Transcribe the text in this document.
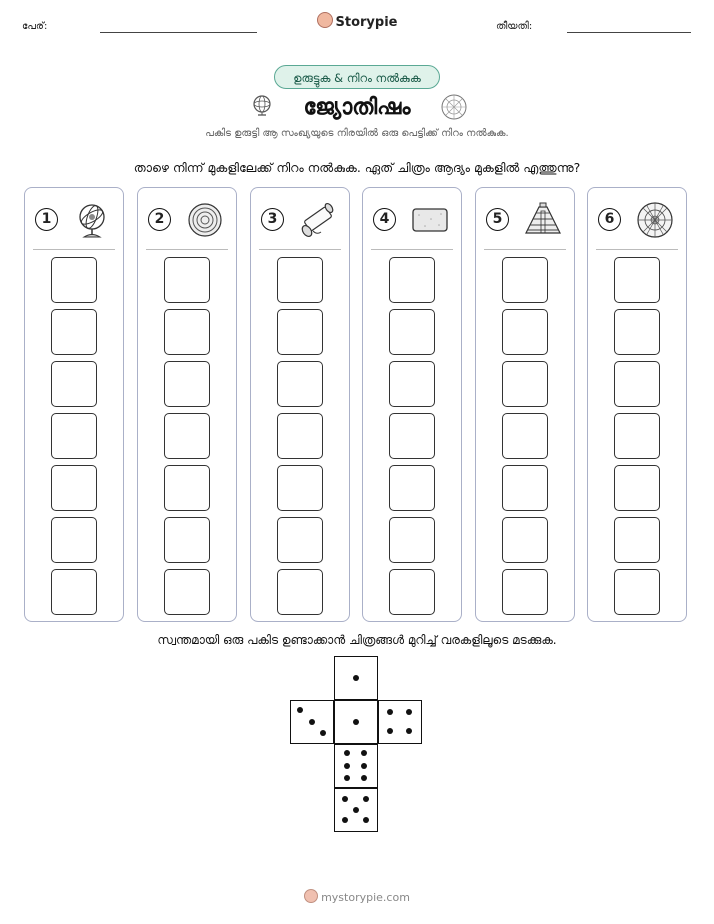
പേര്:	Storypie	തീയതി:
ഉരുട്ടുക & നിറം നൽകുക
ജ്യോതിഷം
പകിട ഉരുട്ടി ആ സംഖ്യയുടെ നിരയിൽ ഒരു പെട്ടിക്ക് നിറം നൽകുക.
താഴെ നിന്ന് മുകളിലേക്ക് നിറം നൽകുക. ഏത് ചിത്രം ആദ്യം മുകളിൽ എത്തുന്നു?
1	2	3	4	5	6
സ്വന്തമായി ഒരു പകിട ഉണ്ടാക്കാൻ ചിത്രങ്ങൾ മുറിച്ച് വരകളിലൂടെ മടക്കുക.
mystorypie.com
